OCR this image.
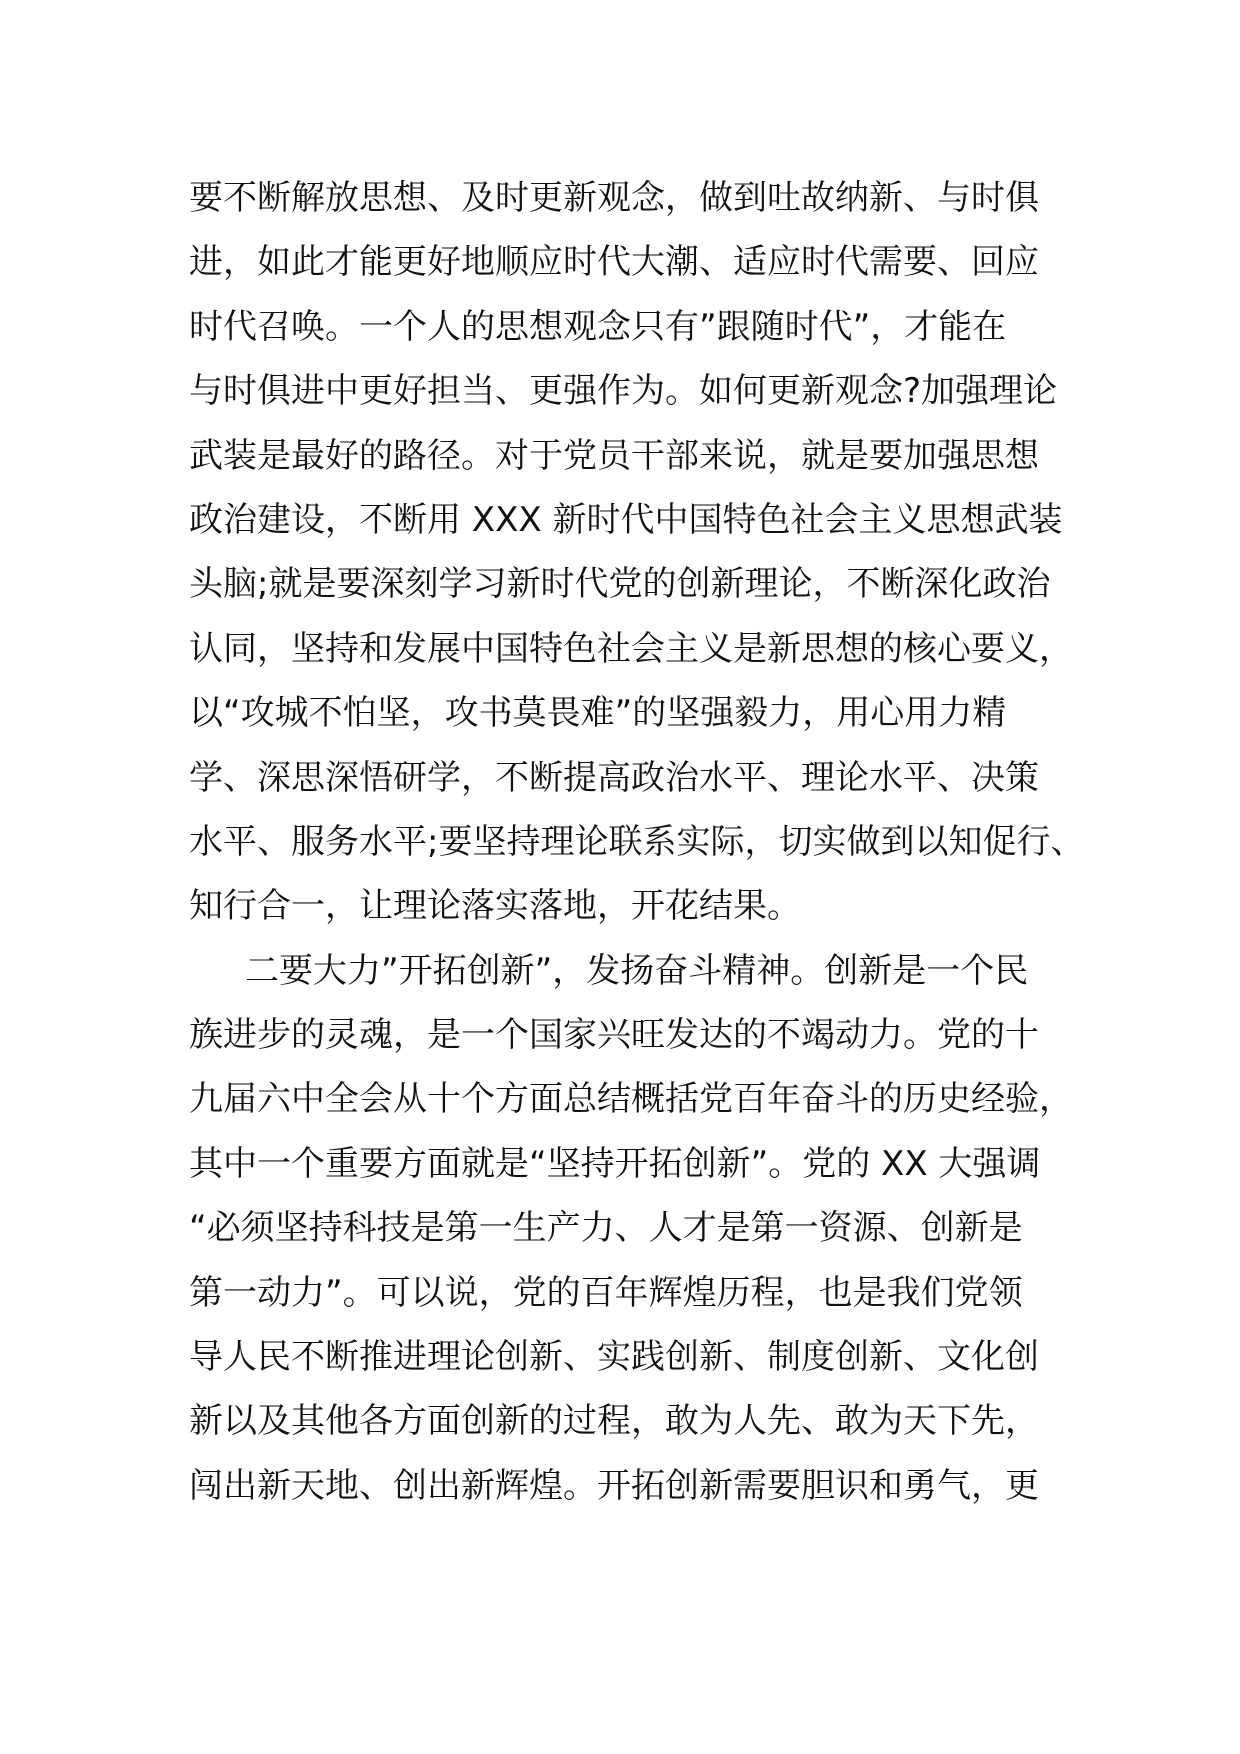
要不断解放思想、及时更新观念，做到吐故纳新、与时俱
进，如此才能更好地顺应时代大潮、适应时代需要、回应
时代召唤。一个人的思想观念只有”跟随时代”，才能在
与时俱进中更好担当、更强作为。如何更新观念?加强理论
武装是最好的路径。对于党员干部来说，就是要加强思想
政治建设，不断用 XXX 新时代中国特色社会主义思想武装
头脑;就是要深刻学习新时代党的创新理论，不断深化政治
认同，坚持和发展中国特色社会主义是新思想的核心要义，
以“攻城不怕坚，攻书莫畏难”的坚强毅力，用心用力精
学、深思深悟研学，不断提高政治水平、理论水平、决策
水平、服务水平;要坚持理论联系实际，切实做到以知促行、
知行合一，让理论落实落地，开花结果。
二要大力”开拓创新”，发扬奋斗精神。创新是一个民
族进步的灵魂，是一个国家兴旺发达的不竭动力。党的十
九届六中全会从十个方面总结概括党百年奋斗的历史经验，
其中一个重要方面就是“坚持开拓创新”。党的 XX 大强调
“必须坚持科技是第一生产力、人才是第一资源、创新是
第一动力”。可以说，党的百年辉煌历程，也是我们党领
导人民不断推进理论创新、实践创新、制度创新、文化创
新以及其他各方面创新的过程，敢为人先、敢为天下先，
闯出新天地、创出新辉煌。开拓创新需要胆识和勇气，更
